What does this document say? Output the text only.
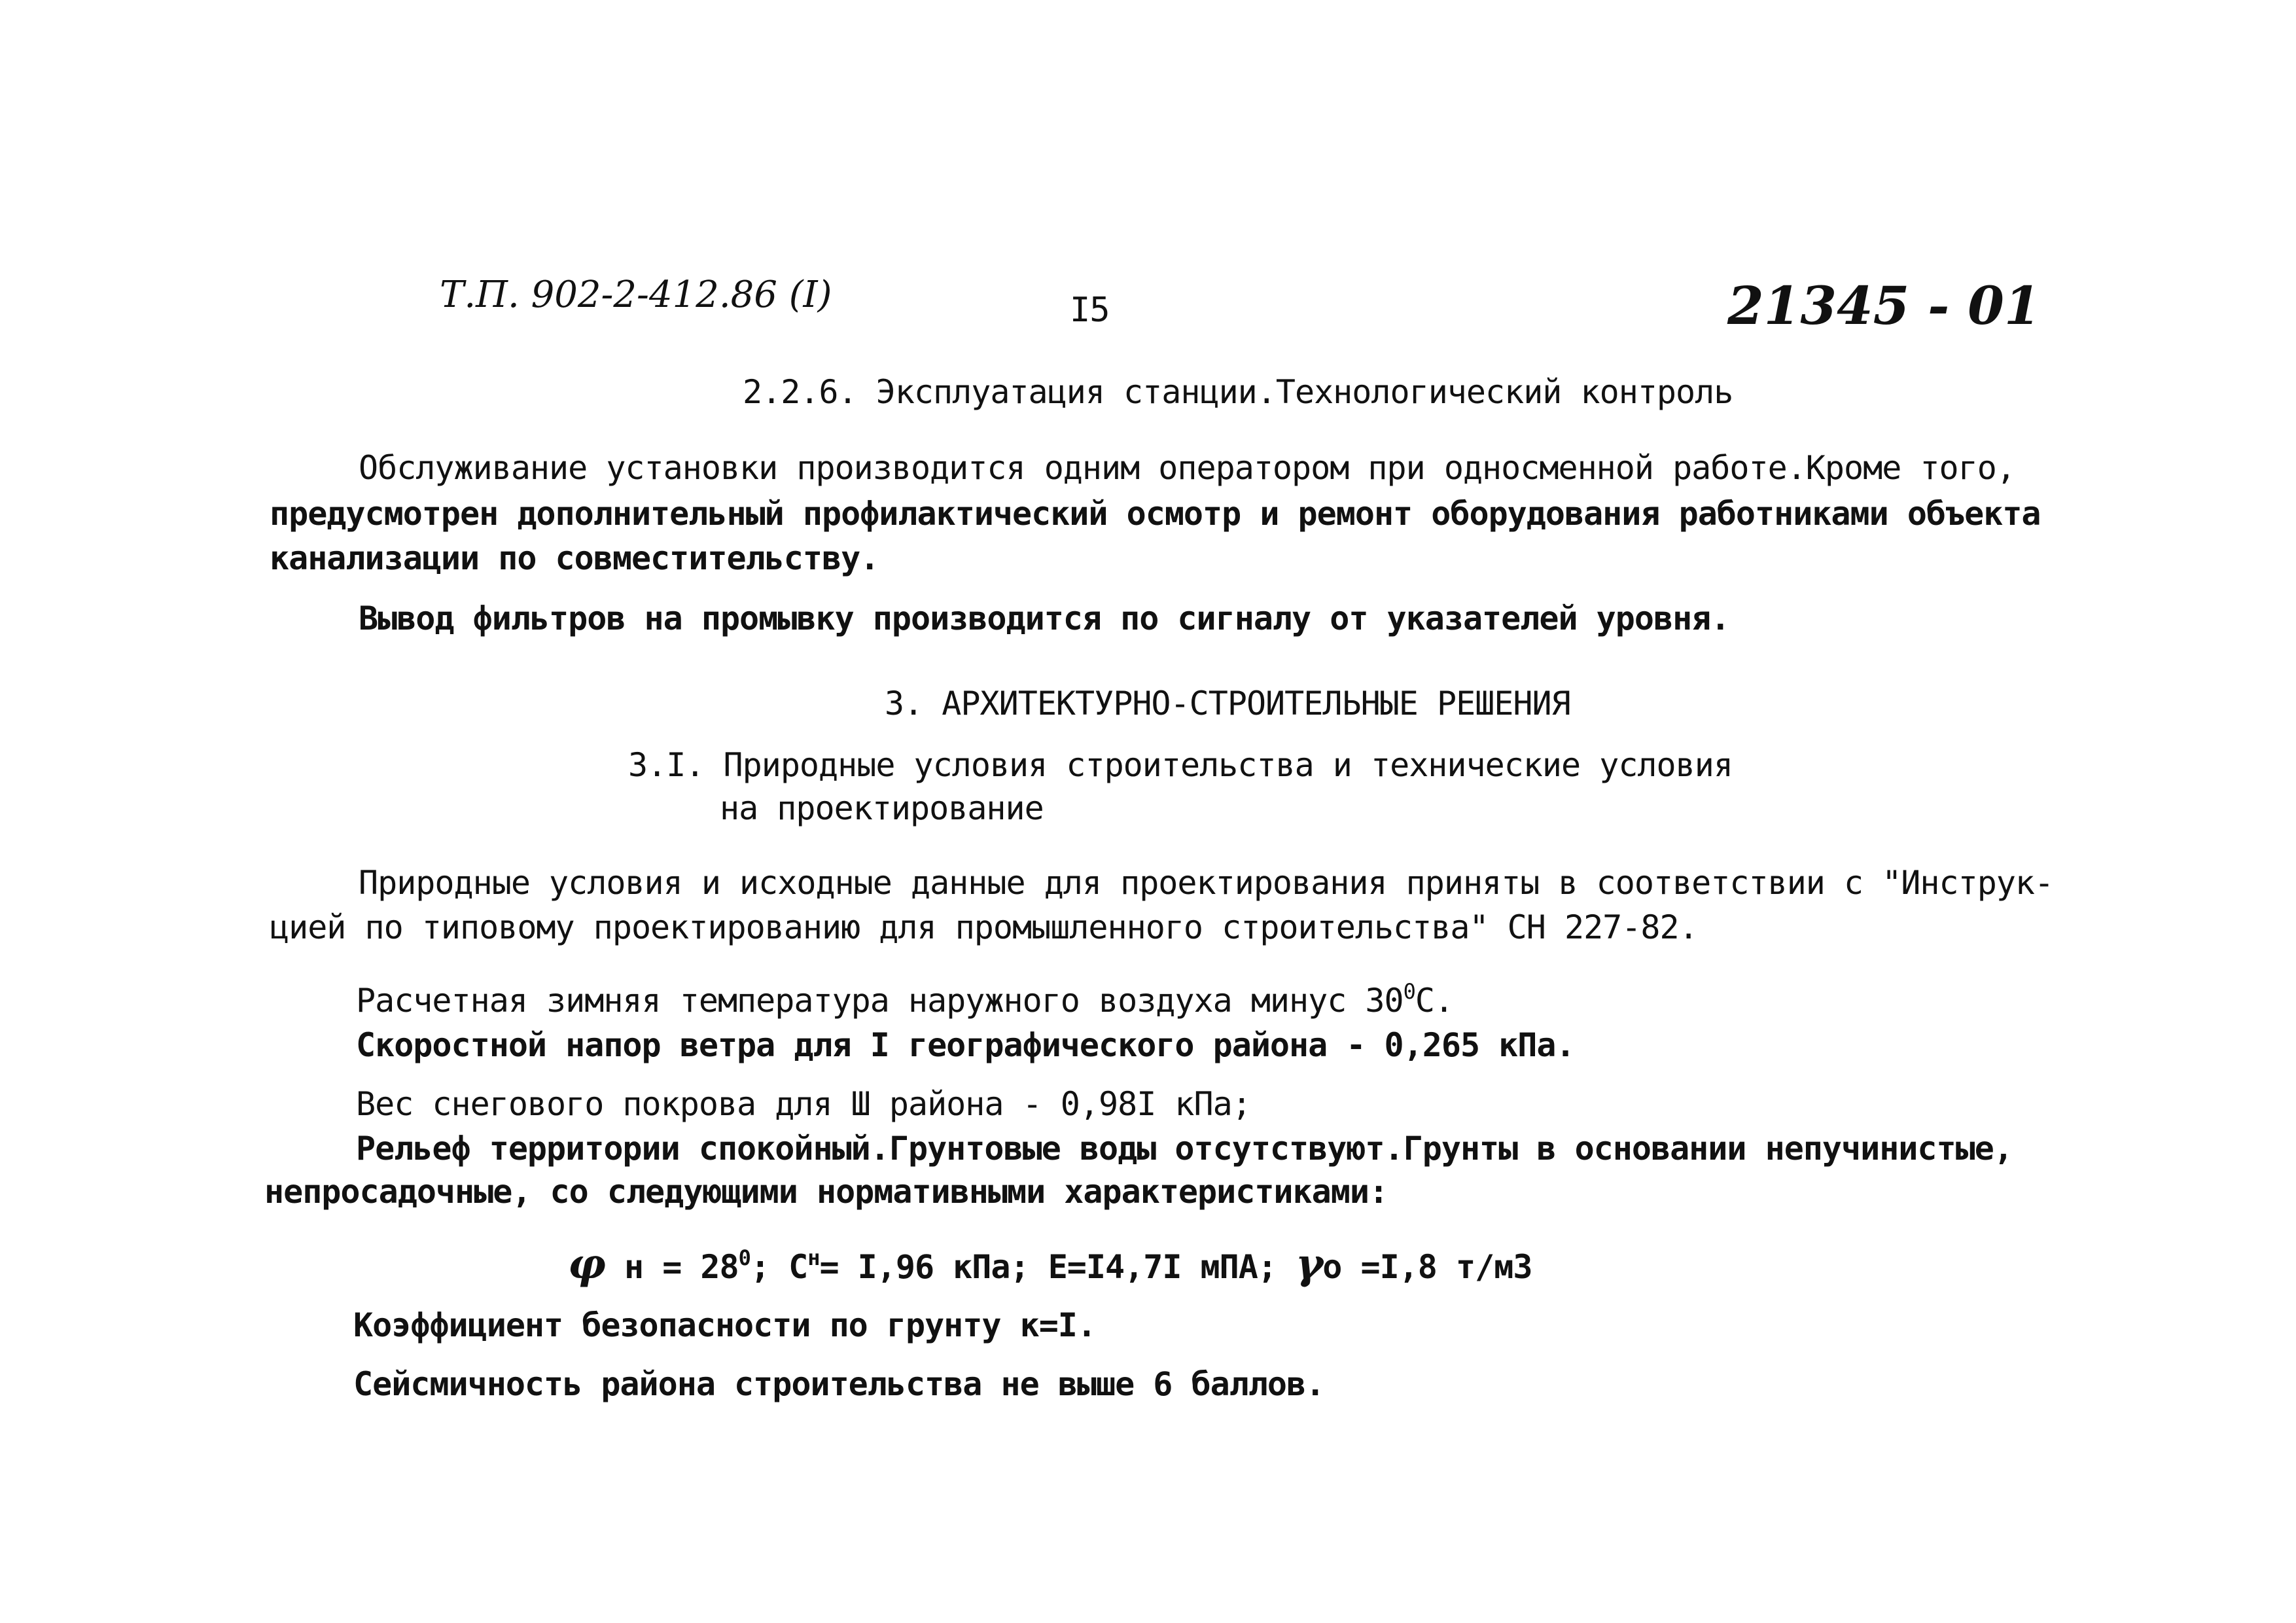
Т.П. 902-2-412.86 (I)	I5	21345 - 01
2.2.6. Эксплуатация станции.Технологический контроль
Обслуживание установки производится одним оператором при односменной работе.Кроме того,
предусмотрен дополнительный профилактический осмотр и ремонт оборудования работниками объекта
канализации по совместительству.
Вывод фильтров на промывку производится по сигналу от указателей уровня.
3. АРХИТЕКТУРНО-СТРОИТЕЛЬНЫЕ РЕШЕНИЯ
3.I. Природные условия строительства и технические условия
на проектирование
Природные условия и исходные данные для проектирования приняты в соответствии с "Инструк-
цией по типовому проектированию для промышленного строительства" СН 227-82.
Расчетная зимняя температура наружного воздуха минус $30^0С$.
Скоростной напор ветра для I географического района - 0,265 кПа.
Вес снегового покрова для Ш района - 0,98I кПа;
Рельеф территории спокойный.Грунтовые воды отсутствуют.Грунты в основании непучинистые,
непросадочные, со следующими нормативными характеристиками:
φ $н = 28^0$; $С^н= I,96$ кПа; Е=I4,7I мПА; γо =I,8 т/м3
Коэффициент безопасности по грунту к=I.
Сейсмичность района строительства не выше 6 баллов.
